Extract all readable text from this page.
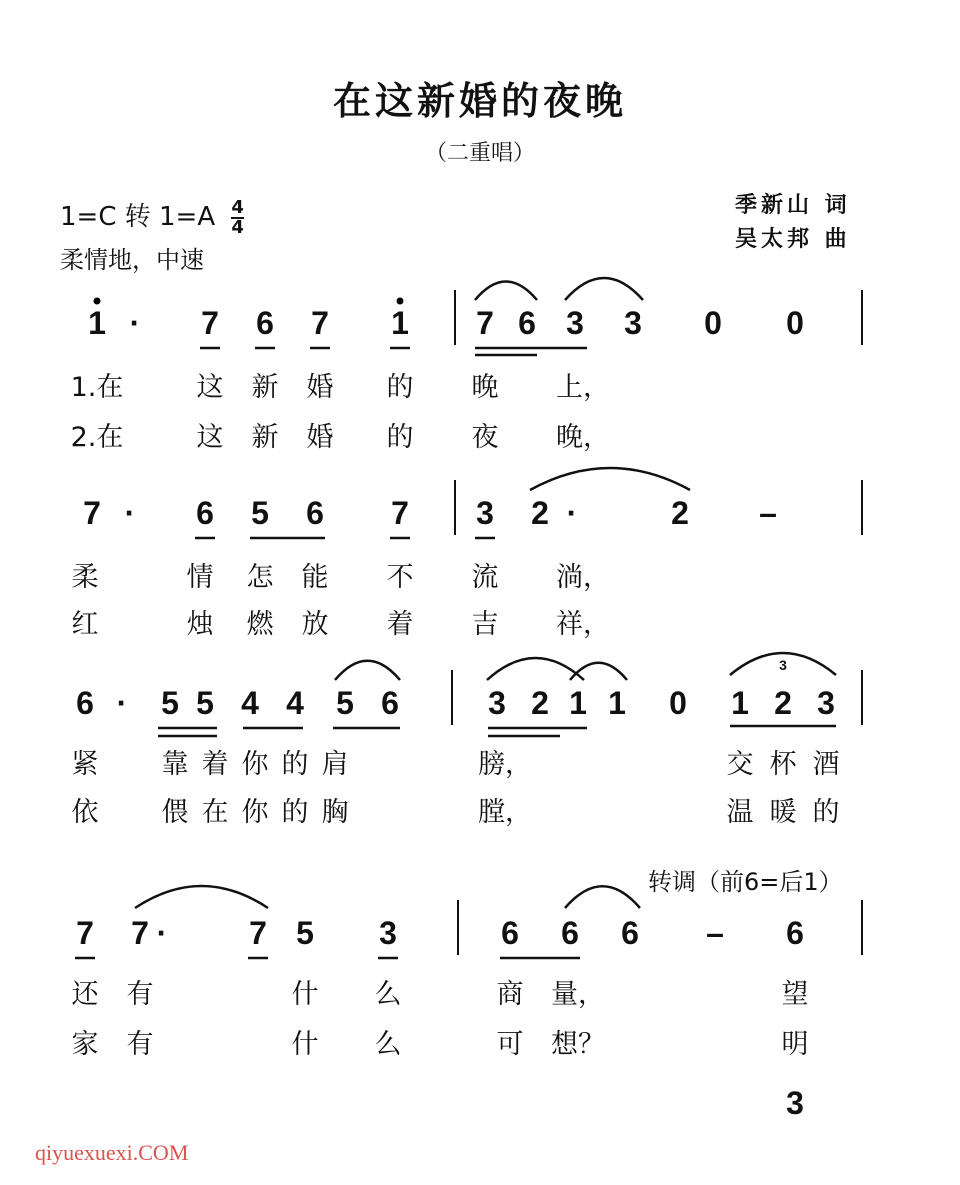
在这新婚的夜晚
（二重唱）
1=C 转 $1=A \frac{4}{4}$
柔情地，中速
季新山 词
吴太邦 曲
转调（前6=后1）
qiyuexuexi.COM
1 · 7 6 7 1 7 6 3 3 0 0
1.在	这 新 婚 的 晚 上，
2.在	这 新 婚 的 夜 晚，
7 · 6 5 6 7 3 2 ·	2 –
柔	情 怎 能 不 流 淌，
红	烛 燃 放 着 吉 祥，
6 · 5 5 4 4 5 6	3 2 1 1 0 1 2 3
紧 靠 着 你 的 肩	膀，	交 杯 酒
依 偎 在 你 的 胸	膛，	温 暖 的
3
7 7 ·	7 5 3	6 6 6 – 6
还 有	什 么	商 量，	望
家 有	什 么	可 想？	明
3
